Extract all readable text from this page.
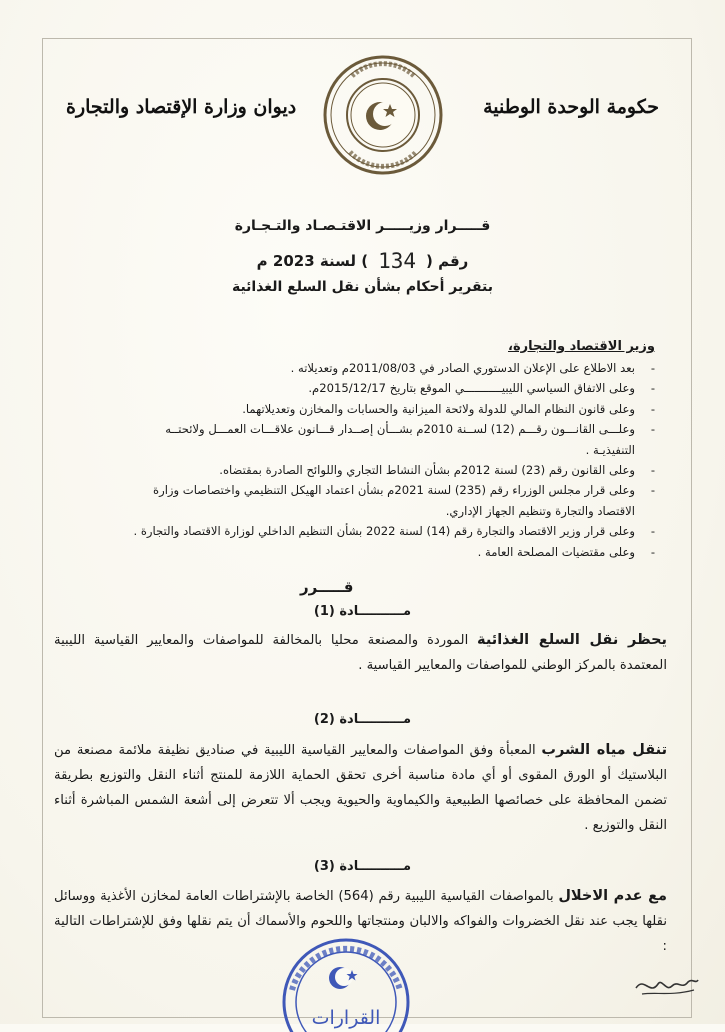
حكومة الوحدة الوطنية
ديوان وزارة الإقتصاد والتجارة
قـــــرار وزيـــــر الاقتـصـاد والتـجـارة
رقم (134) لسنة 2023 م
بتقرير أحكام بشأن نقل السلع الغذائية
وزير الاقتصاد والتجارة،
- بعد الاطلاع على الإعلان الدستوري الصادر في 2011/08/03م وتعديلاته .
- وعلى الاتفاق السياسي الليبيـــــــــــي الموقع بتاريخ 2015/12/17م.
- وعلى قانون النظام المالي للدولة ولائحة الميزانية والحسابات والمخازن وتعديلاتهما.
- وعلـــى القانـــون رقـــم (12) لســنة 2010م بشـــأن إصــدار قـــانون علاقـــات العمـــل ولائحتــه التنفيذيـة .
- وعلى القانون رقم (23) لسنة 2012م بشأن النشاط التجاري واللوائح الصادرة بمقتضاه.
- وعلى قرار مجلس الوزراء رقم (235) لسنة 2021م بشأن اعتماد الهيكل التنظيمي واختصاصات وزارة الاقتصاد والتجارة وتنظيم الجهاز الإداري.
- وعلى قرار وزير الاقتصاد والتجارة رقم (14) لسنة 2022 بشأن التنظيم الداخلي لوزارة الاقتصاد والتجارة .
- وعلى مقتضيات المصلحة العامة .
قـــــرر
مــــــــــادة (1)
يحظر نقل السلع الغذائية الموردة والمصنعة محليا بالمخالفة للمواصفات والمعايير القياسية الليبية المعتمدة بالمركز الوطني للمواصفات والمعايير القياسية .
مــــــــــادة (2)
تنقل مياه الشرب المعبأة وفق المواصفات والمعايير القياسية الليبية في صناديق نظيفة ملائمة مصنعة من البلاستيك أو الورق المقوى أو أي مادة مناسبة أخرى تحقق الحماية اللازمة للمنتج أثناء النقل والتوزيع بطريقة تضمن المحافظة على خصائصها الطبيعية والكيماوية والحيوية ويجب ألا تتعرض إلى أشعة الشمس المباشرة أثناء النقل والتوزيع .
مــــــــــادة (3)
مع عدم الاخلال بالمواصفات القياسية الليبية رقم (564) الخاصة بالإشتراطات العامة لمخازن الأغذية ووسائل نقلها يجب عند نقل الخضروات والفواكه والالبان ومنتجاتها واللحوم والأسماك أن يتم نقلها وفق للإشتراطات التالية :
القرارات
